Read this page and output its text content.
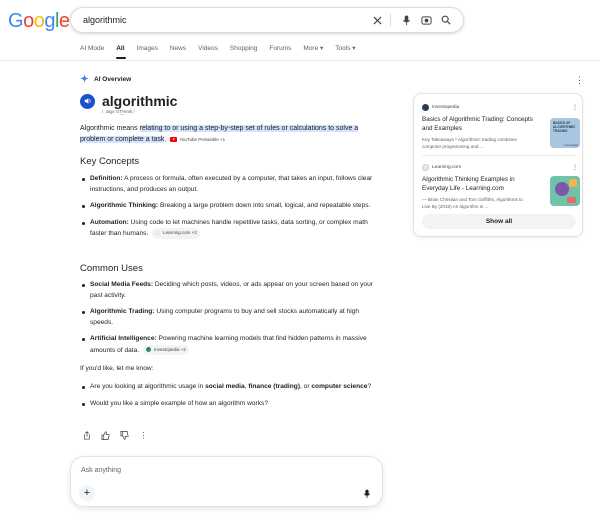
Google algorithmic
AI Mode All Images News Videos Shopping Forums More
▾ Tools
▾
AI Overview	⋮
algorithmic
/ ˌalɡəˈrɪT͟Hmik /
Algorithmic means relating to or using a step-by-step set of rules or calculations to solve a problem or complete a task.	YouTube
Periwinkle +1
Key Concepts
Definition: A process or formula, often executed by a computer, that takes an input, follows clear instructions, and produces an output.
Algorithmic Thinking: Breaking a large problem down into small, logical, and repeatable steps.
Automation: Using code to let machines handle repetitive tasks, data sorting, or complex math faster than humans.	Learning.com +2
Common Uses
Social Media Feeds: Deciding which posts, videos, or ads appear on your screen based on your past activity.
Algorithmic Trading: Using computer programs to buy and sell stocks automatically at high speeds.
Artificial Intelligence: Powering machine learning models that find hidden patterns in massive amounts of data.	Investopedia +2
If you'd like, let me know:
Are you looking at algorithmic usage in social media, finance (trading), or computer science?
Would you like a simple example of how an algorithm works?
⋮
Ask anything
+
Investopedia	⋮
Basics of Algorithmic Trading: Concepts and Examples
Key Takeaways * Algorithmic trading combines computer programming and ...
BASICS OF ALGORITHMIC TRADING
Investopedia
Learning.com	⋮
Algorithmic Thinking Examples in Everyday Life - Learning.com
— Brian Christian and Tom Griffiths, Algorithms to Live By (2016) An algorithm is ...
Show all
